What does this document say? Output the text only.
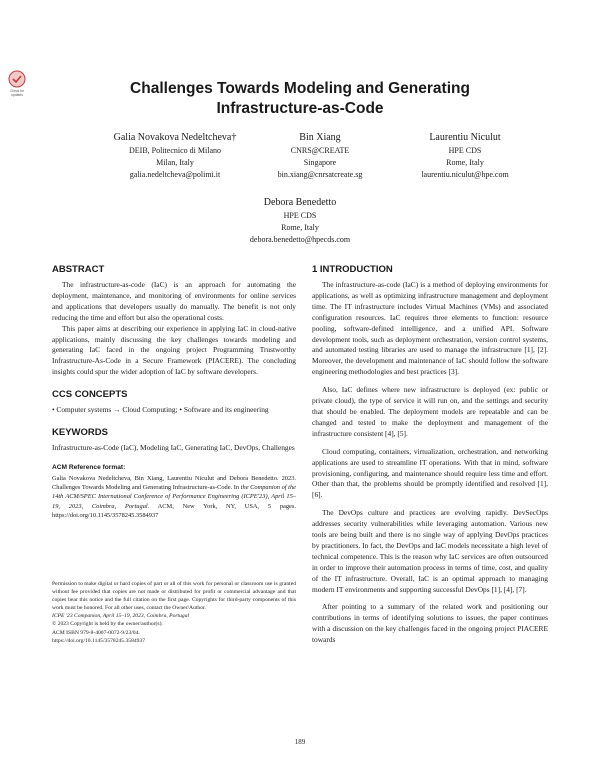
Check for
updates	Challenges Towards Modeling and Generating
Infrastructure-as-Code
Galia Novakova Nedeltcheva†
DEIB, Politecnico di Milano
Milan, Italy
galia.nedeltcheva@polimi.it
Bin Xiang
CNRS@CREATE
Singapore
bin.xiang@cnrsatcreate.sg
Laurentiu Niculut
HPE CDS
Rome, Italy
laurentiu.niculut@hpe.com
Debora Benedetto
HPE CDS
Rome, Italy
debora.benedetto@hpecds.com
ABSTRACT

The infrastructure-as-code (IaC) is an approach for automating the deployment, maintenance, and monitoring of environments for online services and applications that developers usually do manually. The benefit is not only reducing the time and effort but also the operational costs.

This paper aims at describing our experience in applying IaC in cloud-native applications, mainly discussing the key challenges towards modeling and generating IaC faced in the ongoing project Programming Trustworthy Infrastructure-As-Code in a Secure Framework (PIACERE). The concluding insights could spur the wider adoption of IaC by software developers.

CCS CONCEPTS

• Computer systems → Cloud Computing; • Software and its engineering

KEYWORDS

Infrastructure-as-Code (IaC), Modeling IaC, Generating IaC, DevOps, Challenges

ACM Reference format:

Galia Novakova Nedeltcheva, Bin Xiang, Laurentiu Niculut and Debora Benedetto. 2023. Challenges Towards Modeling and Generating Infrastructure-as-Code. In the Companion of the 14th ACM/SPEC International Conference of Performance Engineering (ICPE'23), April 15–19, 2023, Coimbra, Portugal. ACM, New York, NY, USA, 5 pages. https://doi.org/10.1145/3578245.3584937

Permission to make digital or hard copies of part or all of this work for personal or classroom use is granted without fee provided that copies are not made or distributed for profit or commercial advantage and that copies bear this notice and the full citation on the first page. Copyrights for third-party components of this work must be honored. For all other uses, contact the Owner/Author.
ICPE '23 Companion, April 15–19, 2023, Coimbra, Portugal
© 2023 Copyright is held by the owner/author(s).
ACM ISBN 979-8-4007-0072-9/23/04.
https://doi.org/10.1145/3578245.3584937
1 INTRODUCTION

The infrastructure-as-code (IaC) is a method of deploying environments for applications, as well as optimizing infrastructure management and deployment time. The IT infrastructure includes Virtual Machines (VMs) and associated configuration resources. IaC requires three elements to function: resource pooling, software-defined intelligence, and a unified API. Software development tools, such as deployment orchestration, version control systems, and automated testing libraries are used to manage the infrastructure [1], [2]. Moreover, the development and maintenance of IaC should follow the software engineering methodologies and best practices [3].

Also, IaC defines where new infrastructure is deployed (ex: public or private cloud), the type of service it will run on, and the settings and security that should be enabled. The deployment models are repeatable and can be changed and tested to make the deployment and management of the infrastructure consistent [4], [5].

Cloud computing, containers, virtualization, orchestration, and networking applications are used to streamline IT operations. With that in mind, software provisioning, configuring, and maintenance should require less time and effort. Other than that, the problems should be promptly identified and resolved [1], [6].

The DevOps culture and practices are evolving rapidly. DevSecOps addresses security vulnerabilities while leveraging automation. Various new tools are being built and there is no single way of applying DevOps practices by practitioners. In fact, the DevOps and IaC models necessitate a high level of technical competence. This is the reason why IaC services are often outsourced in order to improve their automation process in terms of time, cost, and quality of the IT infrastructure. Overall, IaC is an optimal approach to managing modern IT environments and supporting successful DevOps [1], [4], [7].

After pointing to a summary of the related work and positioning our contributions in terms of identifying solutions to issues, the paper continues with a discussion on the key challenges faced in the ongoing project PIACERE towards

189
